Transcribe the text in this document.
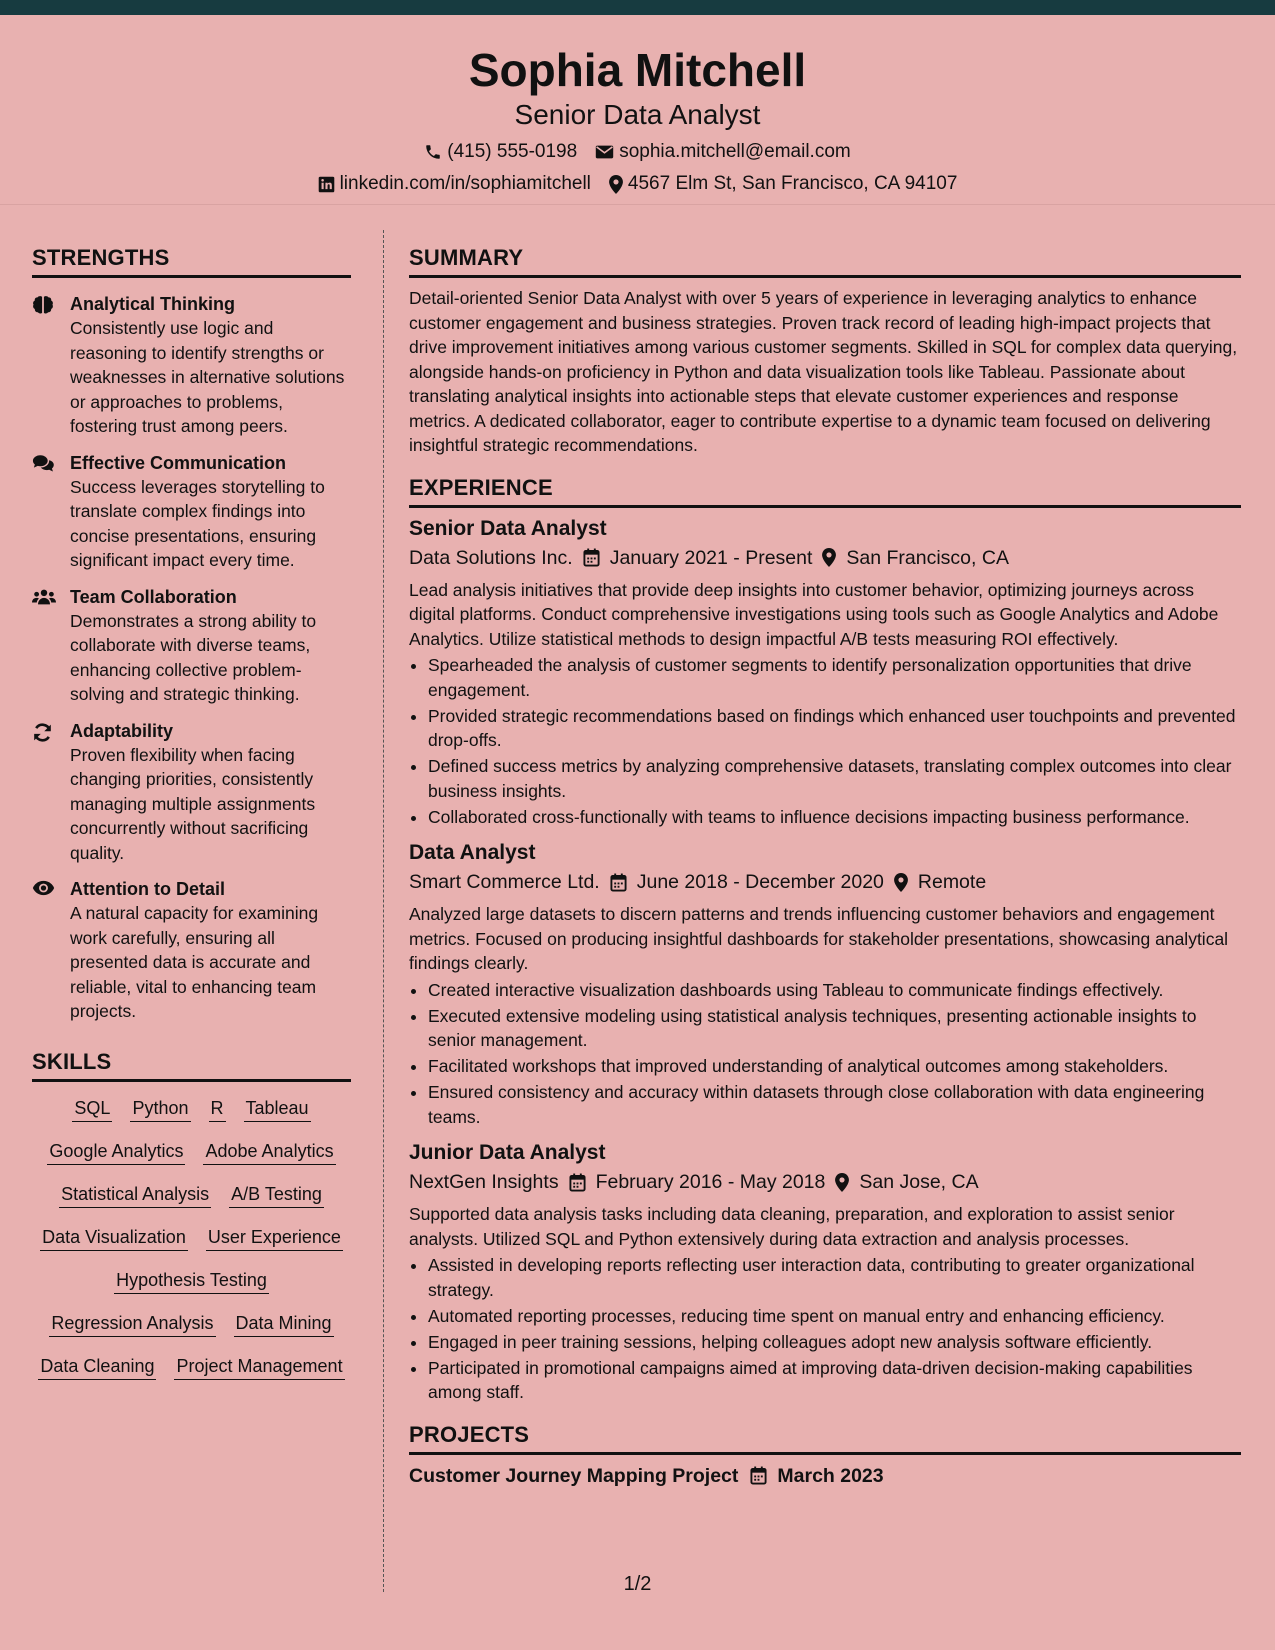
Sophia Mitchell
Senior Data Analyst
(415) 555-0198 sophia.mitchell@email.com
linkedin.com/in/sophiamitchell 4567 Elm St, San Francisco, CA 94107
STRENGTHS
Analytical Thinking
Consistently use logic and reasoning to identify strengths or weaknesses in alternative solutions or approaches to problems, fostering trust among peers.
Effective Communication
Success leverages storytelling to translate complex findings into concise presentations, ensuring significant impact every time.
Team Collaboration
Demonstrates a strong ability to collaborate with diverse teams, enhancing collective problem-solving and strategic thinking.
Adaptability
Proven flexibility when facing changing priorities, consistently managing multiple assignments concurrently without sacrificing quality.
Attention to Detail
A natural capacity for examining work carefully, ensuring all presented data is accurate and reliable, vital to enhancing team projects.
SKILLS
SQL Python R Tableau
Google Analytics Adobe Analytics
Statistical Analysis A/B Testing
Data Visualization User Experience
Hypothesis Testing
Regression Analysis Data Mining
Data Cleaning Project Management
SUMMARY
Detail-oriented Senior Data Analyst with over 5 years of experience in leveraging analytics to enhance customer engagement and business strategies. Proven track record of leading high-impact projects that drive improvement initiatives among various customer segments. Skilled in SQL for complex data querying, alongside hands-on proficiency in Python and data visualization tools like Tableau. Passionate about translating analytical insights into actionable steps that elevate customer experiences and response metrics. A dedicated collaborator, eager to contribute expertise to a dynamic team focused on delivering insightful strategic recommendations.
EXPERIENCE
Senior Data Analyst
Data Solutions Inc. January 2021 - Present San Francisco, CA
Lead analysis initiatives that provide deep insights into customer behavior, optimizing journeys across digital platforms. Conduct comprehensive investigations using tools such as Google Analytics and Adobe Analytics. Utilize statistical methods to design impactful A/B tests measuring ROI effectively.
• Spearheaded the analysis of customer segments to identify personalization opportunities that drive engagement.
• Provided strategic recommendations based on findings which enhanced user touchpoints and prevented drop-offs.
• Defined success metrics by analyzing comprehensive datasets, translating complex outcomes into clear business insights.
• Collaborated cross-functionally with teams to influence decisions impacting business performance.
Data Analyst
Smart Commerce Ltd. June 2018 - December 2020 Remote
Analyzed large datasets to discern patterns and trends influencing customer behaviors and engagement metrics. Focused on producing insightful dashboards for stakeholder presentations, showcasing analytical findings clearly.
• Created interactive visualization dashboards using Tableau to communicate findings effectively.
• Executed extensive modeling using statistical analysis techniques, presenting actionable insights to senior management.
• Facilitated workshops that improved understanding of analytical outcomes among stakeholders.
• Ensured consistency and accuracy within datasets through close collaboration with data engineering teams.
Junior Data Analyst
NextGen Insights February 2016 - May 2018 San Jose, CA
Supported data analysis tasks including data cleaning, preparation, and exploration to assist senior analysts. Utilized SQL and Python extensively during data extraction and analysis processes.
• Assisted in developing reports reflecting user interaction data, contributing to greater organizational strategy.
• Automated reporting processes, reducing time spent on manual entry and enhancing efficiency.
• Engaged in peer training sessions, helping colleagues adopt new analysis software efficiently.
• Participated in promotional campaigns aimed at improving data-driven decision-making capabilities among staff.
PROJECTS
Customer Journey Mapping Project March 2023
1/2
